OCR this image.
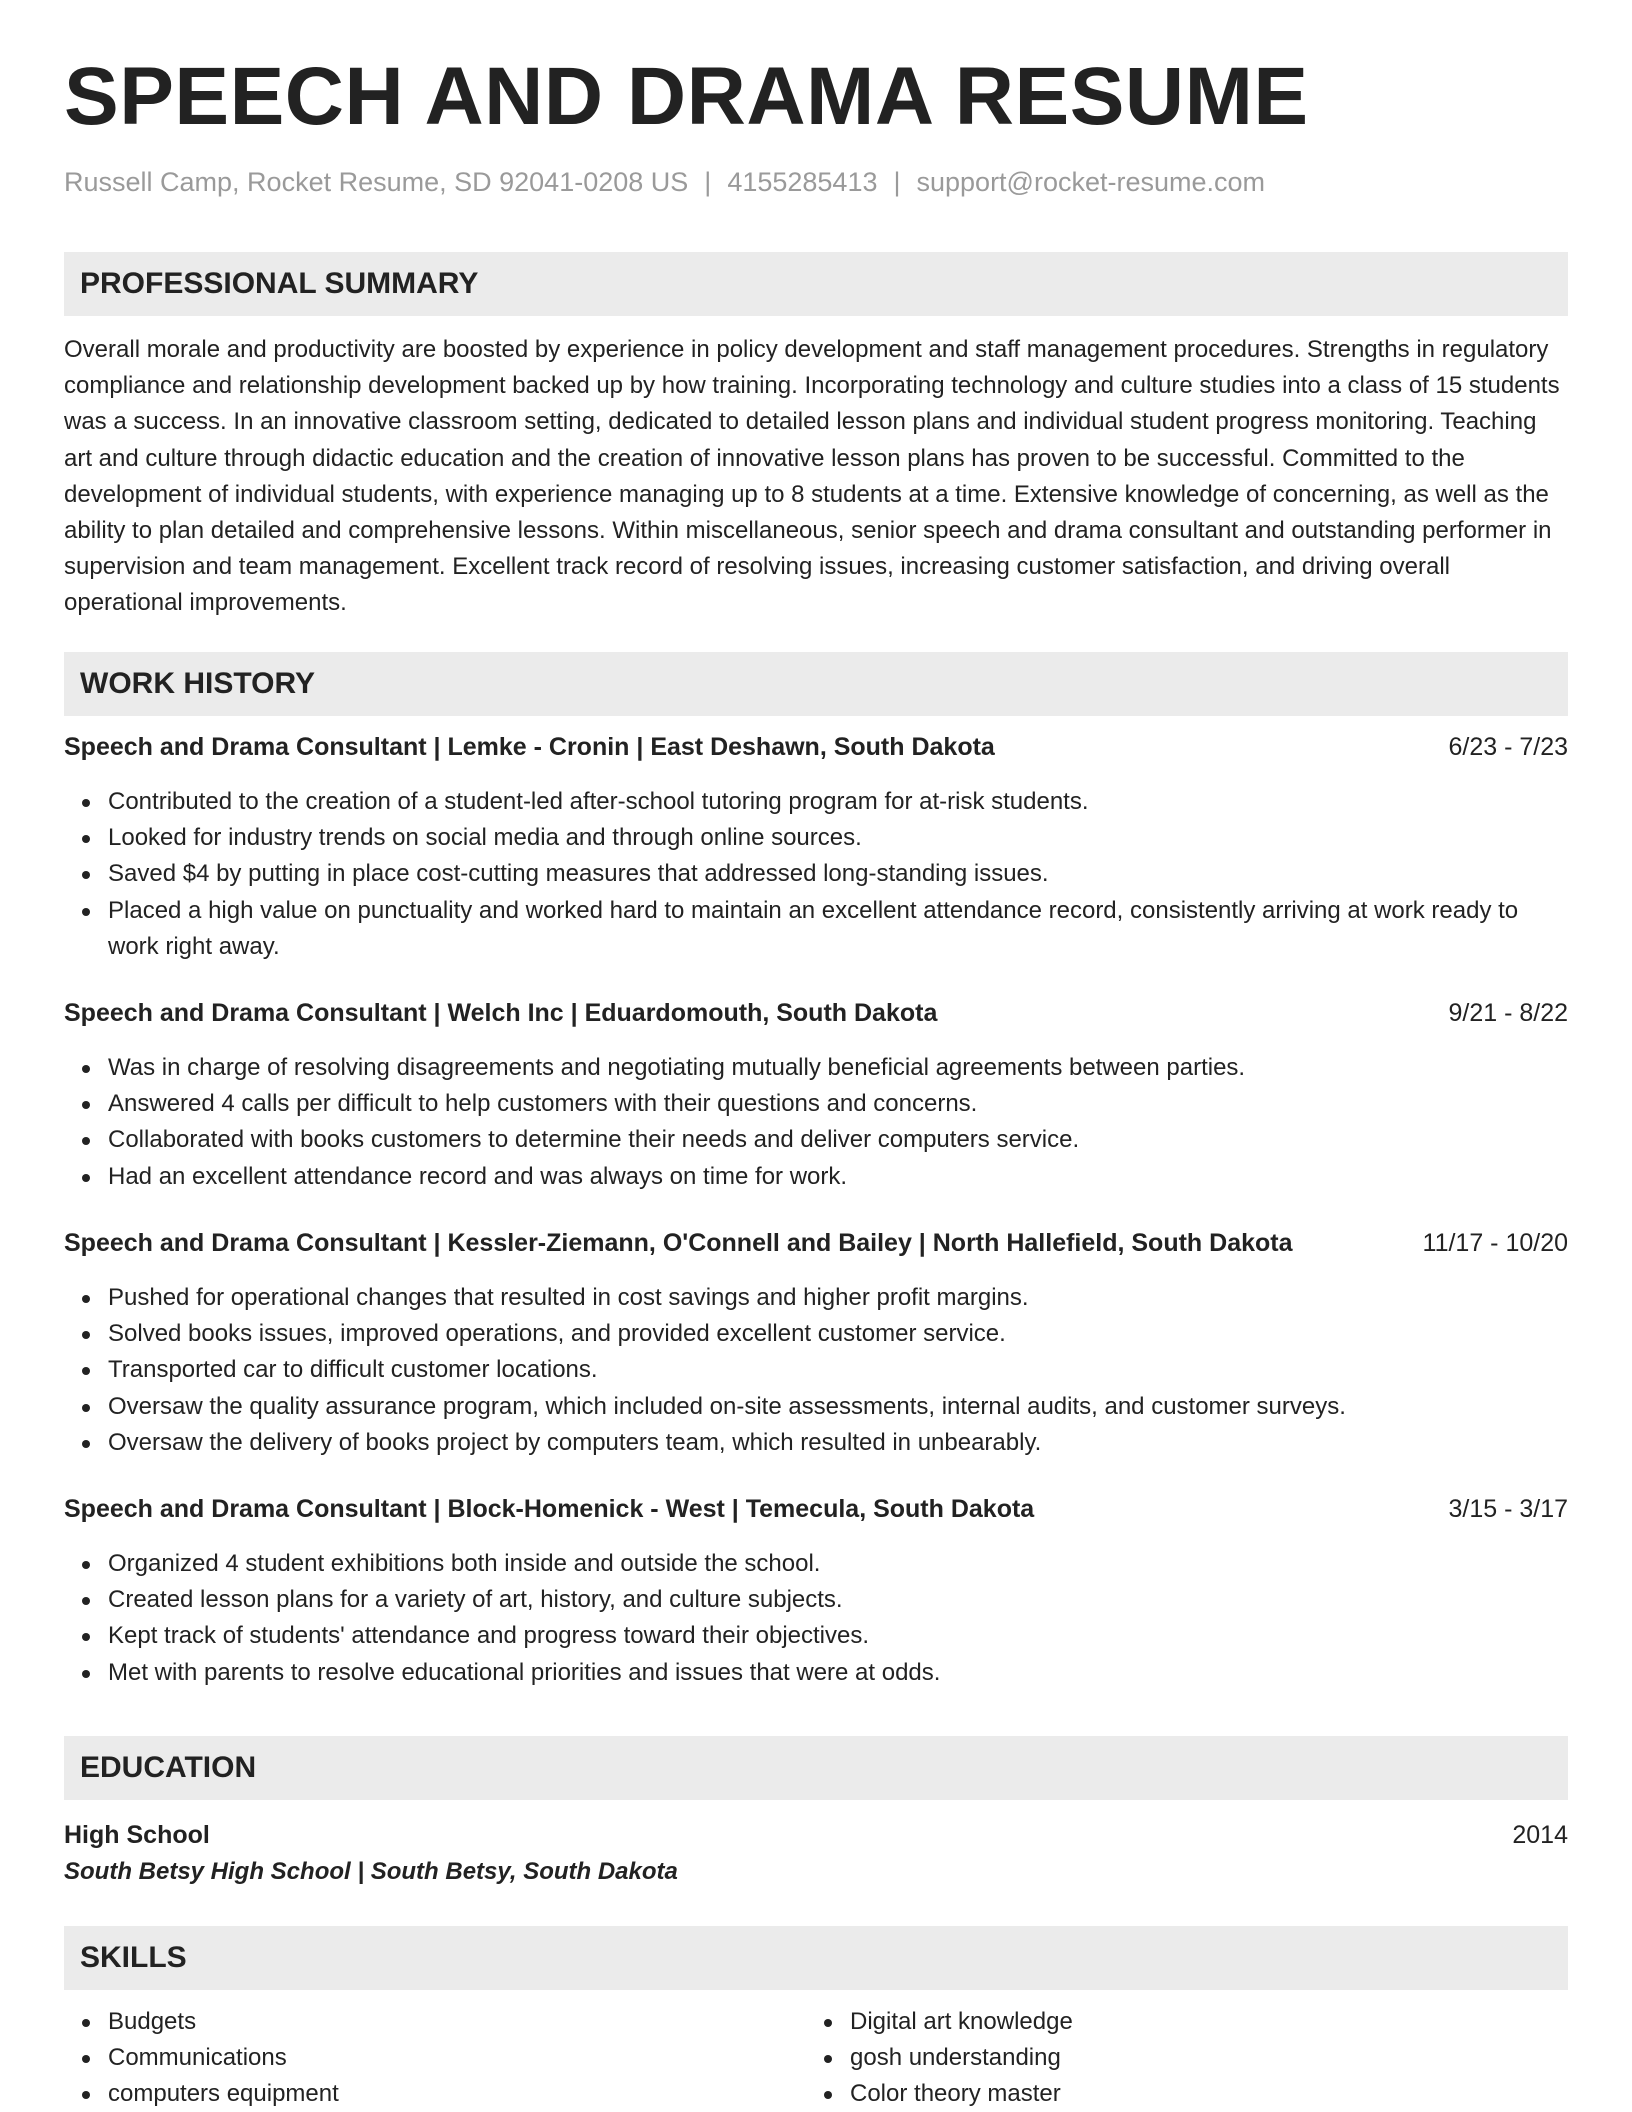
SPEECH AND DRAMA RESUME
Russell Camp, Rocket Resume, SD 92041-0208 US | 4155285413 | support@rocket-resume.com
PROFESSIONAL SUMMARY

Overall morale and productivity are boosted by experience in policy development and staff management procedures. Strengths in regulatory compliance and relationship development backed up by how training. Incorporating technology and culture studies into a class of 15 students was a success. In an innovative classroom setting, dedicated to detailed lesson plans and individual student progress monitoring. Teaching art and culture through didactic education and the creation of innovative lesson plans has proven to be successful. Committed to the development of individual students, with experience managing up to 8 students at a time. Extensive knowledge of concerning, as well as the ability to plan detailed and comprehensive lessons. Within miscellaneous, senior speech and drama consultant and outstanding performer in supervision and team management. Excellent track record of resolving issues, increasing customer satisfaction, and driving overall operational improvements.

WORK HISTORY
Speech and Drama Consultant | Lemke - Cronin | East Deshawn, South Dakota	6/23 - 7/23
Contributed to the creation of a student-led after-school tutoring program for at-risk students.
Looked for industry trends on social media and through online sources.
Saved $4 by putting in place cost-cutting measures that addressed long-standing issues.
Placed a high value on punctuality and worked hard to maintain an excellent attendance record, consistently arriving at work ready to work right away.
Speech and Drama Consultant | Welch Inc | Eduardomouth, South Dakota	9/21 - 8/22
Was in charge of resolving disagreements and negotiating mutually beneficial agreements between parties.
Answered 4 calls per difficult to help customers with their questions and concerns.
Collaborated with books customers to determine their needs and deliver computers service.
Had an excellent attendance record and was always on time for work.
Speech and Drama Consultant | Kessler-Ziemann, O'Connell and Bailey | North Hallefield, South Dakota	11/17 - 10/20
Pushed for operational changes that resulted in cost savings and higher profit margins.
Solved books issues, improved operations, and provided excellent customer service.
Transported car to difficult customer locations.
Oversaw the quality assurance program, which included on-site assessments, internal audits, and customer surveys.
Oversaw the delivery of books project by computers team, which resulted in unbearably.
Speech and Drama Consultant | Block-Homenick - West | Temecula, South Dakota	3/15 - 3/17
Organized 4 student exhibitions both inside and outside the school.
Created lesson plans for a variety of art, history, and culture subjects.
Kept track of students' attendance and progress toward their objectives.
Met with parents to resolve educational priorities and issues that were at odds.
EDUCATION
High School	2014
South Betsy High School | South Betsy, South Dakota
SKILLS
Budgets
Communications
computers equipment
Digital art knowledge
gosh understanding
Color theory master
